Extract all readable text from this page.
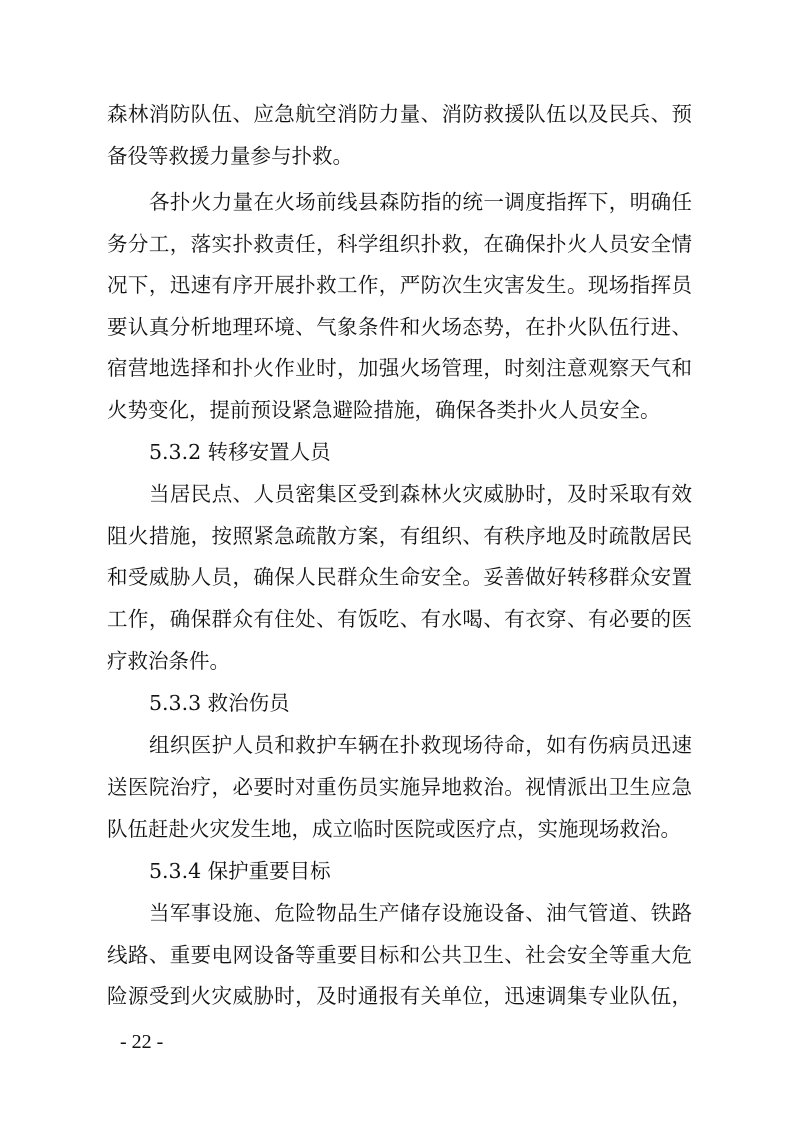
森林消防队伍、应急航空消防力量、消防救援队伍以及民兵、预
备役等救援力量参与扑救。
各扑火力量在火场前线县森防指的统一调度指挥下，明确任
务分工，落实扑救责任，科学组织扑救，在确保扑火人员安全情
况下，迅速有序开展扑救工作，严防次生灾害发生。现场指挥员
要认真分析地理环境、气象条件和火场态势，在扑火队伍行进、
宿营地选择和扑火作业时，加强火场管理，时刻注意观察天气和
火势变化，提前预设紧急避险措施，确保各类扑火人员安全。
5.3.2 转移安置人员
当居民点、人员密集区受到森林火灾威胁时，及时采取有效
阻火措施，按照紧急疏散方案，有组织、有秩序地及时疏散居民
和受威胁人员，确保人民群众生命安全。妥善做好转移群众安置
工作，确保群众有住处、有饭吃、有水喝、有衣穿、有必要的医
疗救治条件。
5.3.3 救治伤员
组织医护人员和救护车辆在扑救现场待命，如有伤病员迅速
送医院治疗，必要时对重伤员实施异地救治。视情派出卫生应急
队伍赶赴火灾发生地，成立临时医院或医疗点，实施现场救治。
5.3.4 保护重要目标
当军事设施、危险物品生产储存设施设备、油气管道、铁路
线路、重要电网设备等重要目标和公共卫生、社会安全等重大危
险源受到火灾威胁时，及时通报有关单位，迅速调集专业队伍，
- 22 -
